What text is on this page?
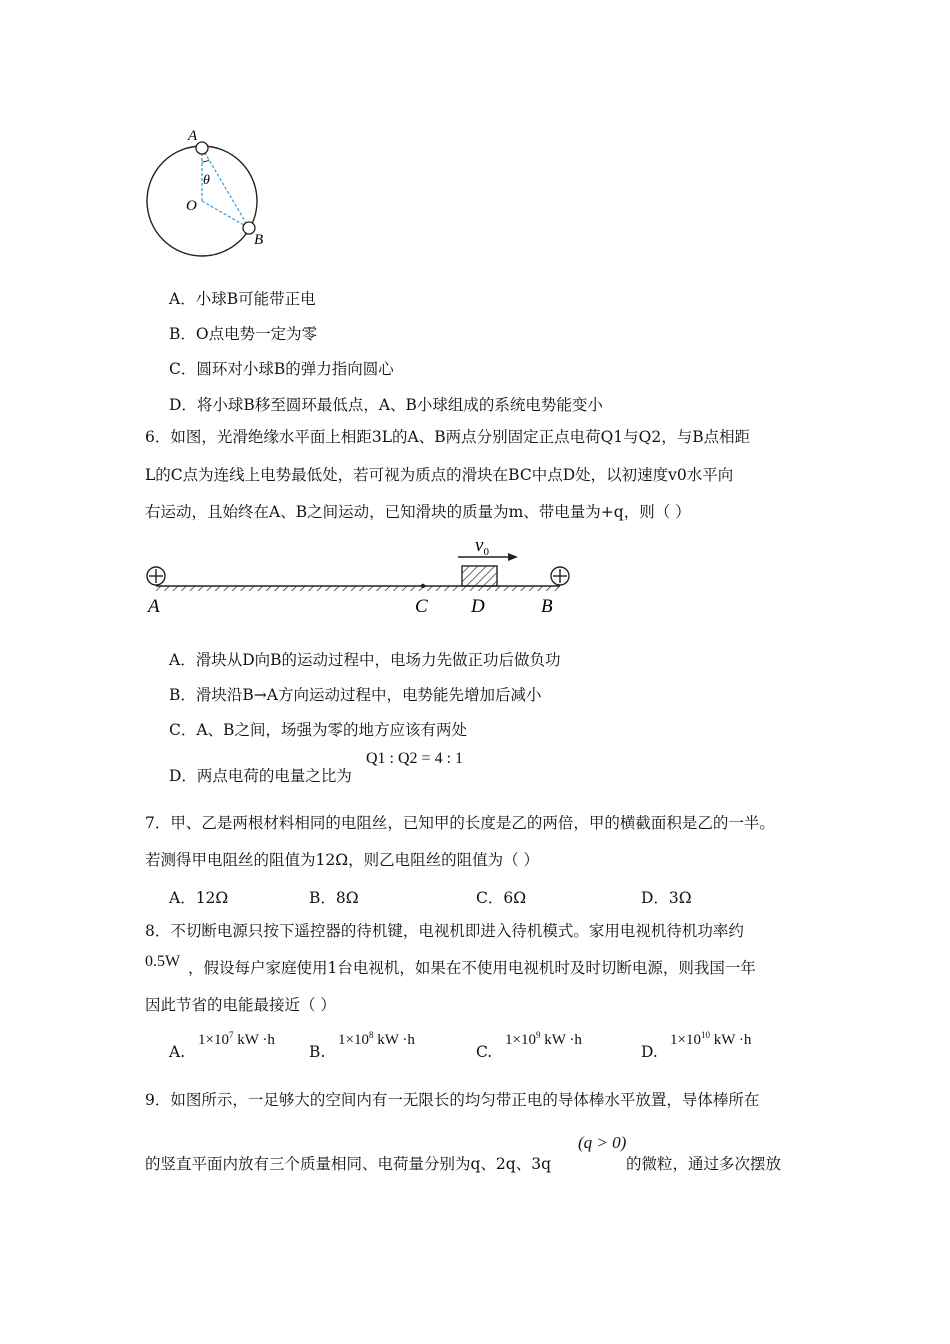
A
θ
O
B
A．小球B可能带正电
B．O点电势一定为零
C．圆环对小球B的弹力指向圆心
D．将小球B移至圆环最低点，A、B小球组成的系统电势能变小
6．如图，光滑绝缘水平面上相距3L的A、B两点分别固定正点电荷Q1与Q2，与B点相距
L的C点为连线上电势最低处，若可视为质点的滑块在BC中点D处，以初速度v0水平向
右运动，且始终在A、B之间运动，已知滑块的质量为m、带电量为+q，则（ ）
$v_0$
A	C D	B
A．滑块从D向B的运动过程中，电场力先做正功后做负功
B．滑块沿B→A方向运动过程中，电势能先增加后减小
C．A、B之间，场强为零的地方应该有两处
D．两点电荷的电量之比为
Q1 : Q2 = 4 : 1
7．甲、乙是两根材料相同的电阻丝，已知甲的长度是乙的两倍，甲的横截面积是乙的一半。
若测得甲电阻丝的阻值为12Ω，则乙电阻丝的阻值为（ ）
A．12Ω	B．8Ω	C．6Ω	D．3Ω
8．不切断电源只按下遥控器的待机键，电视机即进入待机模式。家用电视机待机功率约
0.5W ，假设每户家庭使用1台电视机，如果在不使用电视机时及时切断电源，则我国一年
因此节省的电能最接近（ ）
A.
$1\times 10^7$ kW ·h
B.
$1\times 10^8$ kW ·h
C.
$1\times 10^9$ kW ·h
D.
$1\times 10^{10}$ kW ·h
9．如图所示，一足够大的空间内有一无限长的均匀带正电的导体棒水平放置，导体棒所在
的竖直平面内放有三个质量相同、电荷量分别为q、2q、3q
(q > 0)
的微粒，通过多次摆放
